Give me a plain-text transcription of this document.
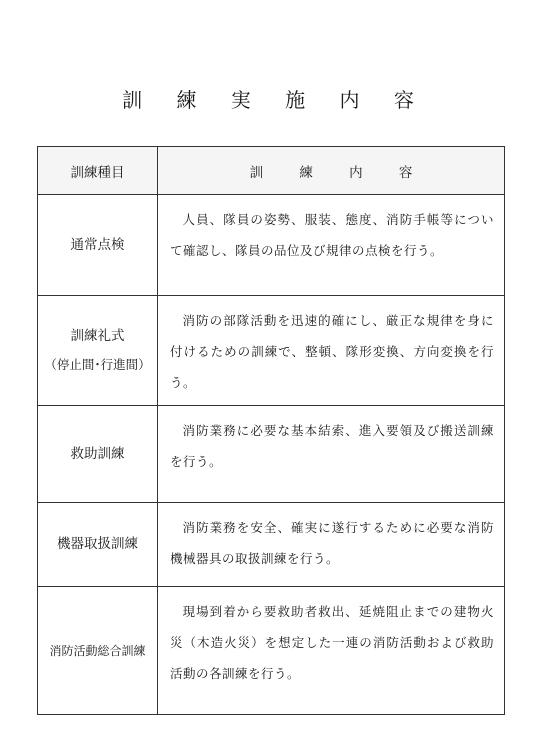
訓 練 実 施 内 容
訓練種目	訓 練 内 容
通常点検	人員、隊員の姿勢、服装、態度、消防手帳等について確認し、隊員の品位及び規律の点検を行う。
訓練礼式
（停止間･行進間）	消防の部隊活動を迅速的確にし、厳正な規律を身に付けるための訓練で、整頓、隊形変換、方向変換を行う。
救助訓練	消防業務に必要な基本結索、進入要領及び搬送訓練を行う。
機器取扱訓練	消防業務を安全、確実に遂行するために必要な消防機械器具の取扱訓練を行う。
消防活動総合訓練	現場到着から要救助者救出、延焼阻止までの建物火災（木造火災）を想定した一連の消防活動および救助活動の各訓練を行う。
